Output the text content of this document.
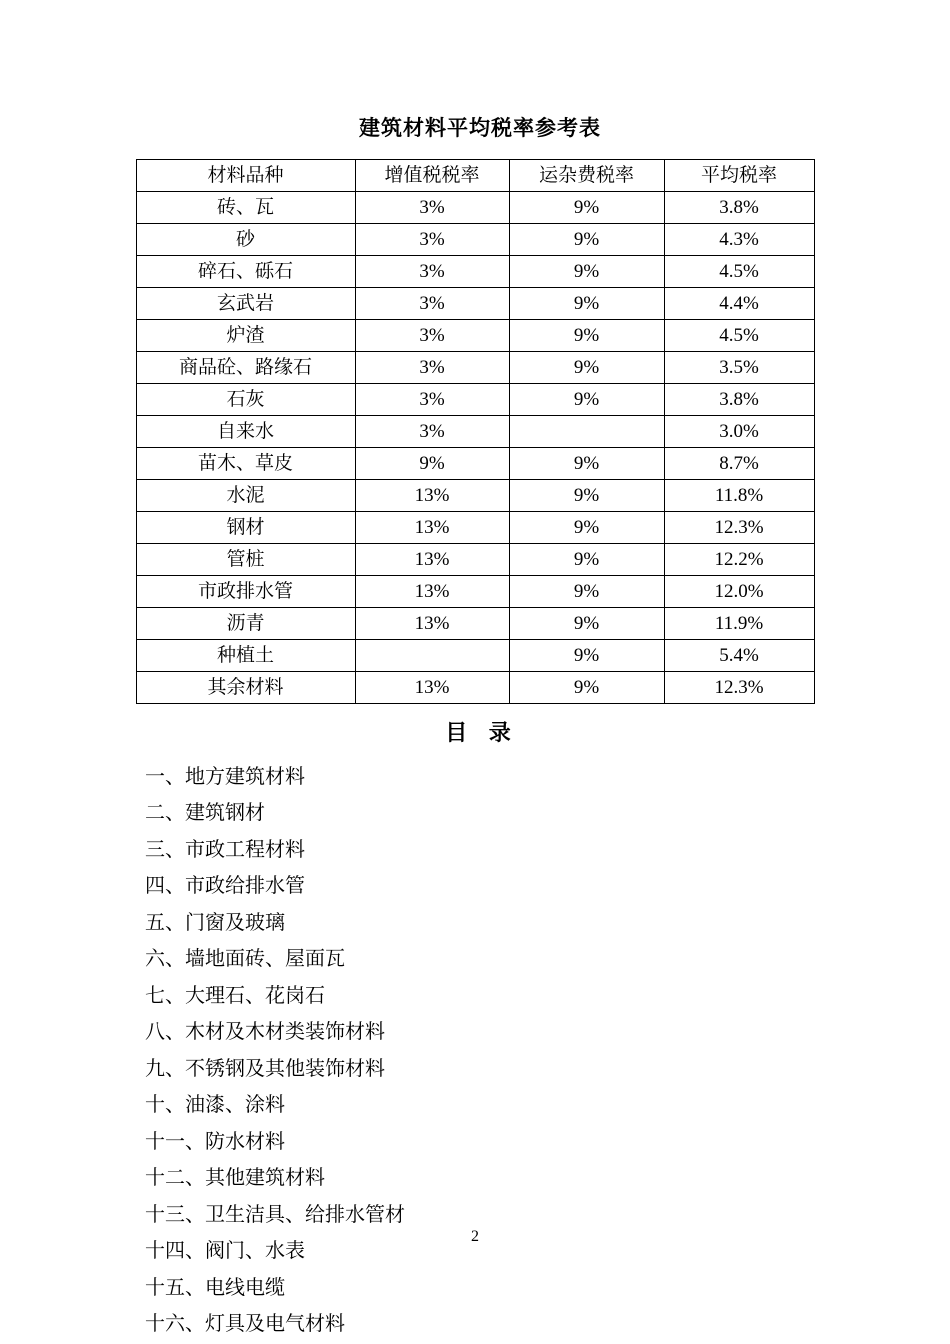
建筑材料平均税率参考表
材料品种	增值税税率	运杂费税率	平均税率
砖、瓦	3%	9%	3.8%
砂	3%	9%	4.3%
碎石、砾石	3%	9%	4.5%
玄武岩	3%	9%	4.4%
炉渣	3%	9%	4.5%
商品砼、路缘石	3%	9%	3.5%
石灰	3%	9%	3.8%
自来水	3%		3.0%
苗木、草皮	9%	9%	8.7%
水泥	13%	9%	11.8%
钢材	13%	9%	12.3%
管桩	13%	9%	12.2%
市政排水管	13%	9%	12.0%
沥青	13%	9%	11.9%
种植土		9%	5.4%
其余材料	13%	9%	12.3%
目 录
一、地方建筑材料
二、建筑钢材
三、市政工程材料
四、市政给排水管
五、门窗及玻璃
六、墙地面砖、屋面瓦
七、大理石、花岗石
八、木材及木材类装饰材料
九、不锈钢及其他装饰材料
十、油漆、涂料
十一、防水材料
十二、其他建筑材料
十三、卫生洁具、给排水管材
十四、阀门、水表
十五、电线电缆
十六、灯具及电气材料
2
